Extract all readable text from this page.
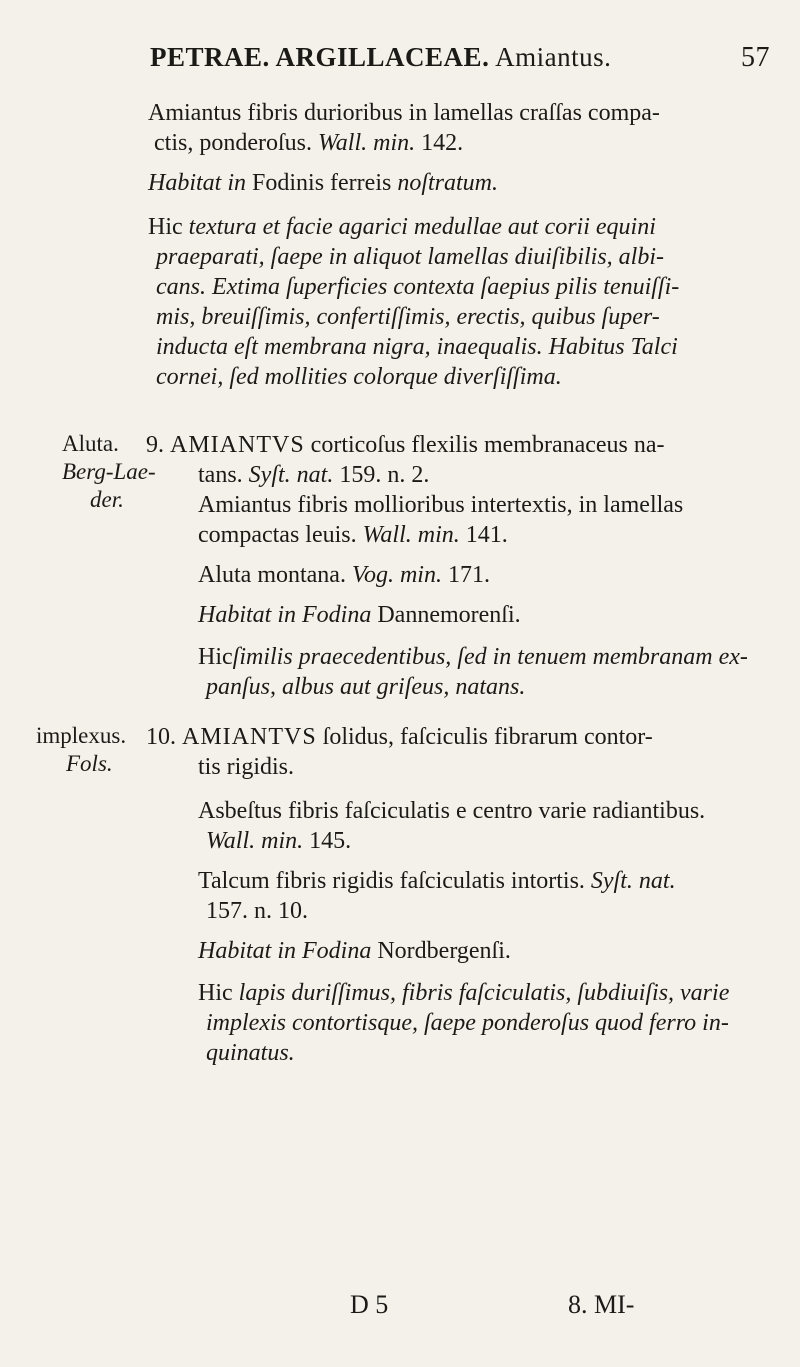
PETRAE. ARGILLACEAE. Amiantus.	57

Amiantus fibris durioribus in lamellas craſſas compa-

ctis, ponderoſus. Wall. min. 142.

Habitat in Fodinis ferreis noſtratum.

Hic textura et facie agarici medullae aut corii equini

praeparati, ſaepe in aliquot lamellas diuiſibilis, albi-

cans. Extima ſuperficies contexta ſaepius pilis tenuiſſi-

mis, breuiſſimis, confertiſſimis, erectis, quibus ſuper-

inducta eſt membrana nigra, inaequalis. Habitus Talci

cornei, ſed mollities colorque diverſiſſima.

Aluta.
Berg-Lae-
der.

9. AMIANTVS corticoſus flexilis membranaceus na-

tans. Syſt. nat. 159. n. 2.

Amiantus fibris mollioribus intertextis, in lamellas

compactas leuis. Wall. min. 141.

Aluta montana. Vog. min. 171.

Habitat in Fodina Dannemorenſi.

Hicſimilis praecedentibus, ſed in tenuem membranam ex-

panſus, albus aut griſeus, natans.

implexus.
Fols.

10. AMIANTVS ſolidus, faſciculis fibrarum contor-

tis rigidis.

Asbeſtus fibris faſciculatis e centro varie radiantibus.

Wall. min. 145.

Talcum fibris rigidis faſciculatis intortis. Syſt. nat.

157. n. 10.

Habitat in Fodina Nordbergenſi.

Hic lapis duriſſimus, fibris faſciculatis, ſubdiuiſis, varie

implexis contortisque, ſaepe ponderoſus quod ferro in-

quinatus.

D 5	8. MI-
